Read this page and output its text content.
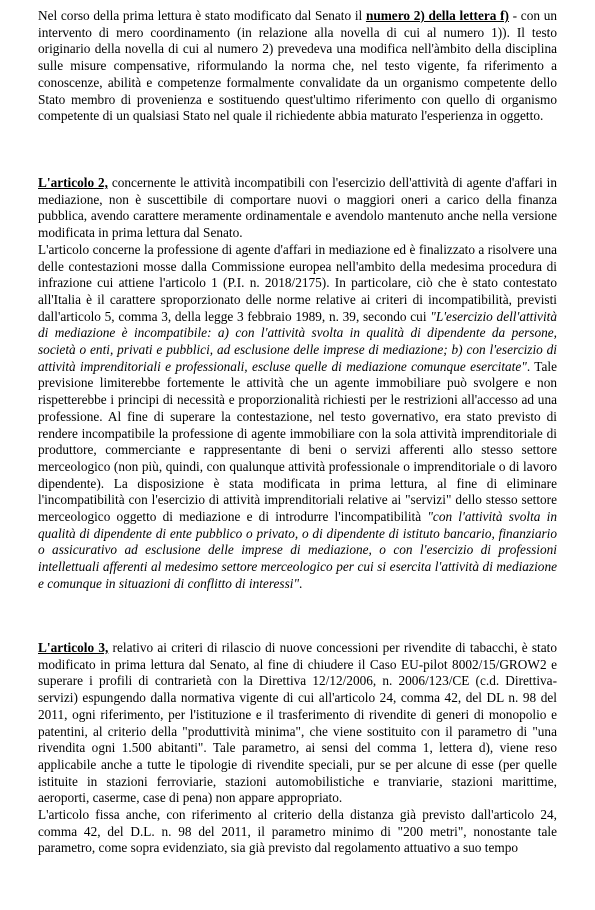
Nel corso della prima lettura è stato modificato dal Senato il numero 2) della lettera f) - con un intervento di mero coordinamento (in relazione alla novella di cui al numero 1)). Il testo originario della novella di cui al numero 2) prevedeva una modifica nell'àmbito della disciplina sulle misure compensative, riformulando la norma che, nel testo vigente, fa riferimento a conoscenze, abilità e competenze formalmente convalidate da un organismo competente dello Stato membro di provenienza e sostituendo quest'ultimo riferimento con quello di organismo competente di un qualsiasi Stato nel quale il richiedente abbia maturato l'esperienza in oggetto.

L'articolo 2, concernente le attività incompatibili con l'esercizio dell'attività di agente d'affari in mediazione, non è suscettibile di comportare nuovi o maggiori oneri a carico della finanza pubblica, avendo carattere meramente ordinamentale e avendolo mantenuto anche nella versione modificata in prima lettura dal Senato.

L'articolo concerne la professione di agente d'affari in mediazione ed è finalizzato a risolvere una delle contestazioni mosse dalla Commissione europea nell'ambito della medesima procedura di infrazione cui attiene l'articolo 1 (P.I. n. 2018/2175). In particolare, ciò che è stato contestato all'Italia è il carattere sproporzionato delle norme relative ai criteri di incompatibilità, previsti dall'articolo 5, comma 3, della legge 3 febbraio 1989, n. 39, secondo cui "L'esercizio dell'attività di mediazione è incompatibile: a) con l'attività svolta in qualità di dipendente da persone, società o enti, privati e pubblici, ad esclusione delle imprese di mediazione; b) con l'esercizio di attività imprenditoriali e professionali, escluse quelle di mediazione comunque esercitate". Tale previsione limiterebbe fortemente le attività che un agente immobiliare può svolgere e non rispetterebbe i principi di necessità e proporzionalità richiesti per le restrizioni all'accesso ad una professione. Al fine di superare la contestazione, nel testo governativo, era stato previsto di rendere incompatibile la professione di agente immobiliare con la sola attività imprenditoriale di produttore, commerciante e rappresentante di beni o servizi afferenti allo stesso settore merceologico (non più, quindi, con qualunque attività professionale o imprenditoriale o di lavoro dipendente). La disposizione è stata modificata in prima lettura, al fine di eliminare l'incompatibilità con l'esercizio di attività imprenditoriali relative ai "servizi" dello stesso settore merceologico oggetto di mediazione e di introdurre l'incompatibilità "con l'attività svolta in qualità di dipendente di ente pubblico o privato, o di dipendente di istituto bancario, finanziario o assicurativo ad esclusione delle imprese di mediazione, o con l'esercizio di professioni intellettuali afferenti al medesimo settore merceologico per cui si esercita l'attività di mediazione e comunque in situazioni di conflitto di interessi".

L'articolo 3, relativo ai criteri di rilascio di nuove concessioni per rivendite di tabacchi, è stato modificato in prima lettura dal Senato, al fine di chiudere il Caso EU-pilot 8002/15/GROW2 e superare i profili di contrarietà con la Direttiva 12/12/2006, n. 2006/123/CE (c.d. Direttiva-servizi) espungendo dalla normativa vigente di cui all'articolo 24, comma 42, del DL n. 98 del 2011, ogni riferimento, per l'istituzione e il trasferimento di rivendite di generi di monopolio e patentini, al criterio della "produttività minima", che viene sostituito con il parametro di "una rivendita ogni 1.500 abitanti". Tale parametro, ai sensi del comma 1, lettera d), viene reso applicabile anche a tutte le tipologie di rivendite speciali, pur se per alcune di esse (per quelle istituite in stazioni ferroviarie, stazioni automobilistiche e tranviarie, stazioni marittime, aeroporti, caserme, case di pena) non appare appropriato.

L'articolo fissa anche, con riferimento al criterio della distanza già previsto dall'articolo 24, comma 42, del D.L. n. 98 del 2011, il parametro minimo di "200 metri", nonostante tale parametro, come sopra evidenziato, sia già previsto dal regolamento attuativo a suo tempo
